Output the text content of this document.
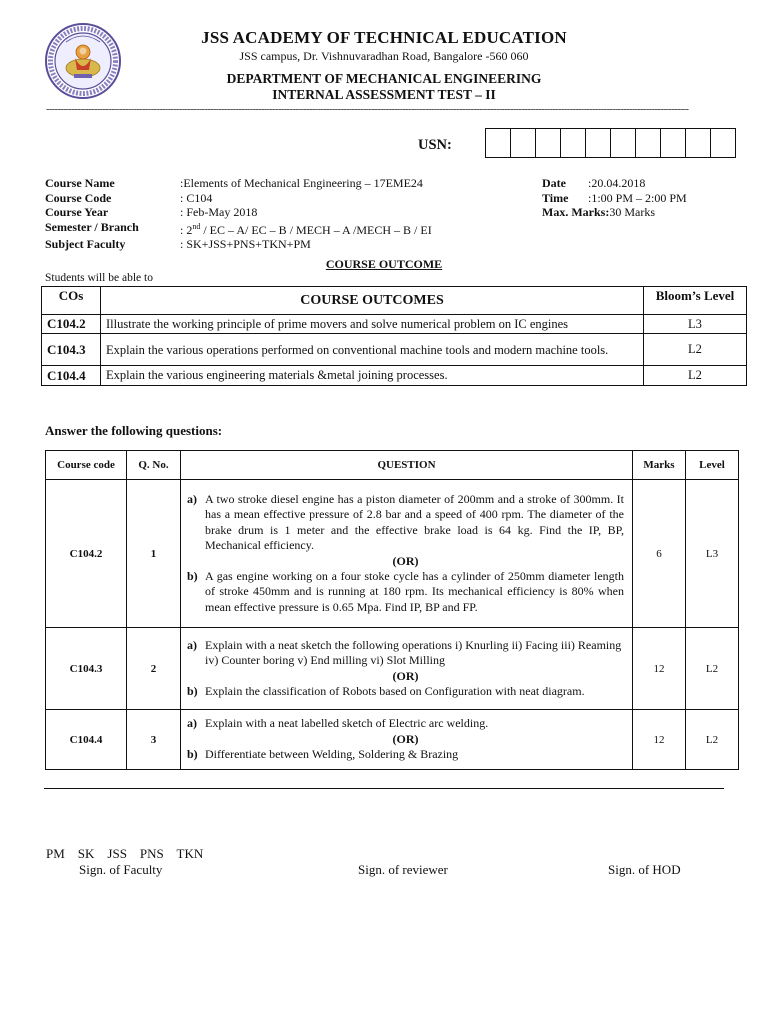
JSS ACADEMY OF TECHNICAL EDUCATION
JSS campus, Dr. Vishnuvaradhan Road, Bangalore -560 060
DEPARTMENT OF MECHANICAL ENGINEERING
INTERNAL ASSESSMENT TEST – II
-----------------------------------------------------------------------------------------------------------------------------------------------------------------------------------------------------------------------------------
USN:
Course Name	:Elements of Mechanical Engineering – 17EME24
Course Code	: C104
Course Year	: Feb-May 2018
Semester / Branch	: 2nd / EC – A/ EC – B / MECH – A /MECH – B / EI
Subject Faculty	: SK+JSS+PNS+TKN+PM
Date	:20.04.2018
Time	:1:00 PM – 2:00 PM
Max. Marks: 30 Marks
COURSE OUTCOME
Students will be able to
COs	COURSE OUTCOMES	Bloom’s Level
C104.2	Illustrate the working principle of prime movers and solve numerical problem on IC engines	L3
C104.3	Explain the various operations performed on conventional machine tools and modern machine tools.	L2
C104.4	Explain the various engineering materials &metal joining processes.	L2
Answer the following questions:
Course code	Q. No.	QUESTION	Marks	Level
C104.2	1	a) A two stroke diesel engine has a piston diameter of 200mm and a stroke of 300mm. It has a mean effective pressure of 2.8 bar and a speed of 400 rpm. The diameter of the brake drum is 1 meter and the effective brake load is 64 kg. Find the IP, BP, Mechanical efficiency.
(OR)
b) A gas engine working on a four stoke cycle has a cylinder of 250mm diameter length of stroke 450mm and is running at 180 rpm. Its mechanical efficiency is 80% when mean effective pressure is 0.65 Mpa. Find IP, BP and FP.	6	L3
C104.3	2	a) Explain with a neat sketch the following operations i) Knurling ii) Facing iii) Reaming iv) Counter boring v) End milling vi) Slot Milling
(OR)
b) Explain the classification of Robots based on Configuration with neat diagram.	12	L2
C104.4	3	a) Explain with a neat labelled sketch of Electric arc welding.
(OR)
b) Differentiate between Welding, Soldering & Brazing	12	L2
PM    SK    JSS    PNS    TKN
Sign. of Faculty	Sign. of reviewer	Sign. of HOD
